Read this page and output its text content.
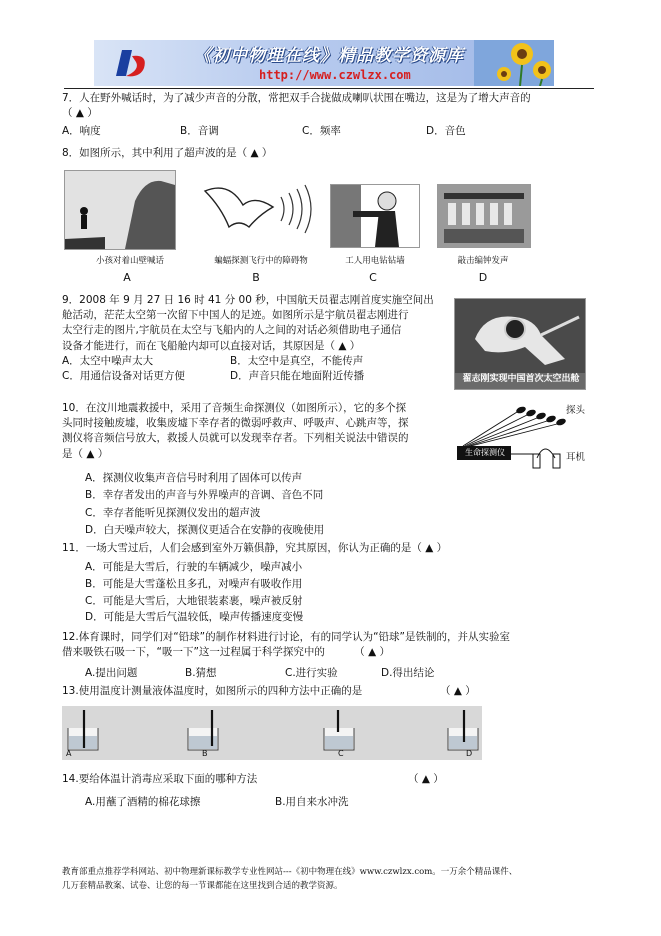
《初中物理在线》精品教学资源库
http://www.czwlzx.com
7．人在野外喊话时，为了减少声音的分散，常把双手合拢做成喇叭状围在嘴边，这是为了增大声音的
（ ▲ ）
A．响度	B．音调	C．频率	D．音色
8．如图所示，其中利用了超声波的是（ ▲ ）
小孩对着山壁喊话	蝙蝠探测飞行中的障碍物	工人用电钻钻墙	敲击编钟发声
A	B	C	D
9．2008 年 9 月 27 日 16 时 41 分 00 秒，中国航天员翟志刚首度实施空间出
舱活动，茫茫太空第一次留下中国人的足迹。如图所示是宇航员翟志刚进行
太空行走的图片,宇航员在太空与飞船内的人之间的对话必须借助电子通信
设备才能进行，而在飞船舱内却可以直接对话，其原因是（ ▲ ）
A．太空中噪声太大	B．太空中是真空，不能传声
C．用通信设备对话更方便	D．声音只能在地面附近传播	翟志刚实现中国首次太空出舱
10．在汶川地震救援中，采用了音频生命探测仪（如图所示），它的多个探
头同时接触废墟，收集废墟下幸存者的微弱呼救声、呼吸声、心跳声等，探
测仪将音频信号放大，救援人员就可以发现幸存者。下列相关说法中错误的
是（ ▲ ）
A．探测仪收集声音信号时利用了固体可以传声
B．幸存者发出的声音与外界噪声的音调、音色不同
C．幸存者能听见探测仪发出的超声波
D．白天噪声较大，探测仪更适合在安静的夜晚使用
探头
生命探测仪	耳机
11．一场大雪过后，人们会感到室外万籁俱静，究其原因，你认为正确的是（ ▲ ）
A．可能是大雪后，行驶的车辆减少，噪声减小
B．可能是大雪蓬松且多孔，对噪声有吸收作用
C．可能是大雪后，大地银装素裹，噪声被反射
D．可能是大雪后气温较低，噪声传播速度变慢
12.体育课时，同学们对“铅球”的制作材料进行讨论，有的同学认为“铅球”是铁制的，并从实验室
借来吸铁石吸一下，“吸一下”这一过程属于科学探究中的	（ ▲ ）
A.提出问题	B.猜想	C.进行实验	D.得出结论
13.使用温度计测量液体温度时，如图所示的四种方法中正确的是	（ ▲ ）
A	B	C	D
14.要给体温计消毒应采取下面的哪种方法	（ ▲ ）
A.用蘸了酒精的棉花球擦	B.用自来水冲洗
教育部重点推荐学科网站、初中物理新课标教学专业性网站---《初中物理在线》www.czwlzx.com。一万余个精品课件、
几万套精品教案、试卷、让您的每一节课都能在这里找到合适的教学资源。
